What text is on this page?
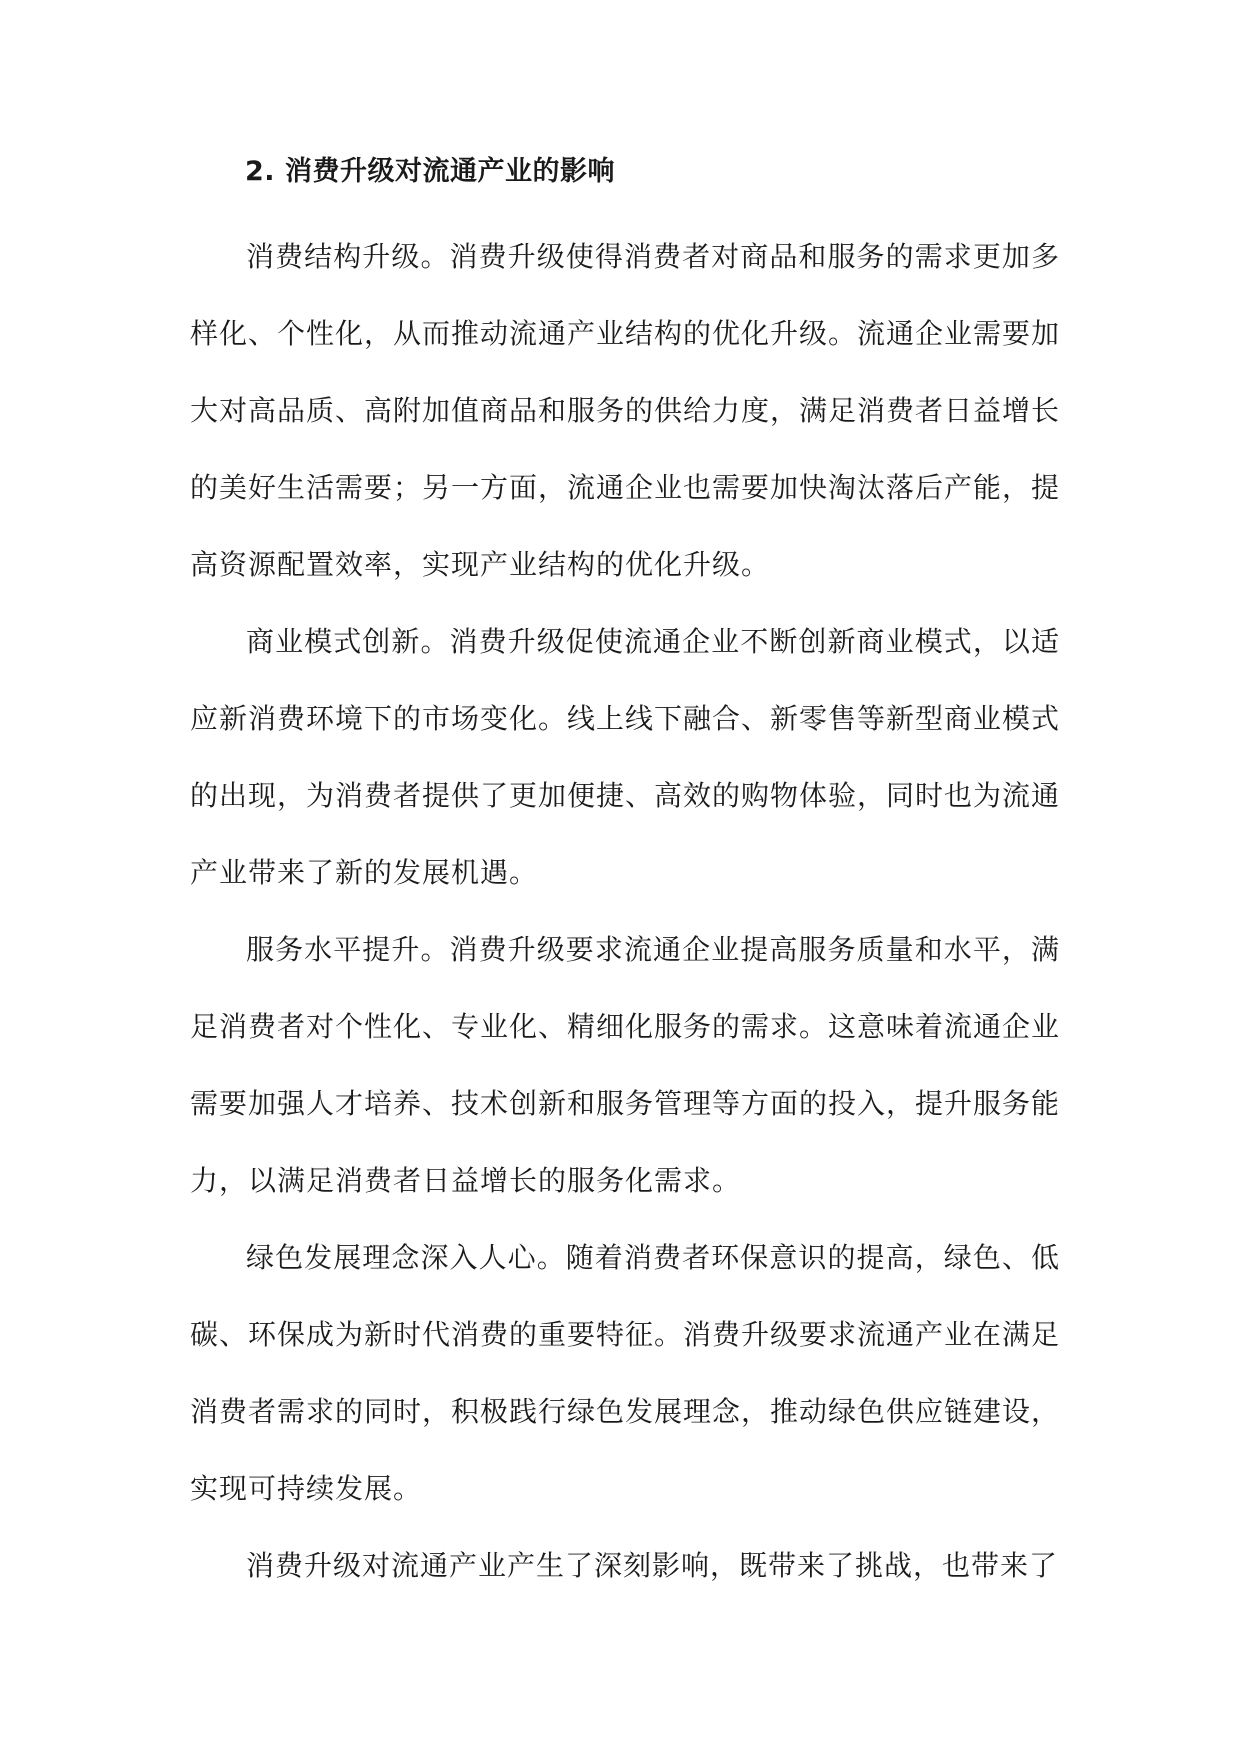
2. 消费升级对流通产业的影响

消费结构升级。消费升级使得消费者对商品和服务的需求更加多样化、个性化，从而推动流通产业结构的优化升级。流通企业需要加大对高品质、高附加值商品和服务的供给力度，满足消费者日益增长的美好生活需要；另一方面，流通企业也需要加快淘汰落后产能，提高资源配置效率，实现产业结构的优化升级。

商业模式创新。消费升级促使流通企业不断创新商业模式，以适应新消费环境下的市场变化。线上线下融合、新零售等新型商业模式的出现，为消费者提供了更加便捷、高效的购物体验，同时也为流通产业带来了新的发展机遇。

服务水平提升。消费升级要求流通企业提高服务质量和水平，满足消费者对个性化、专业化、精细化服务的需求。这意味着流通企业需要加强人才培养、技术创新和服务管理等方面的投入，提升服务能力，以满足消费者日益增长的服务化需求。

绿色发展理念深入人心。随着消费者环保意识的提高，绿色、低碳、环保成为新时代消费的重要特征。消费升级要求流通产业在满足消费者需求的同时，积极践行绿色发展理念，推动绿色供应链建设，实现可持续发展。

消费升级对流通产业产生了深刻影响，既带来了挑战，也带来了
